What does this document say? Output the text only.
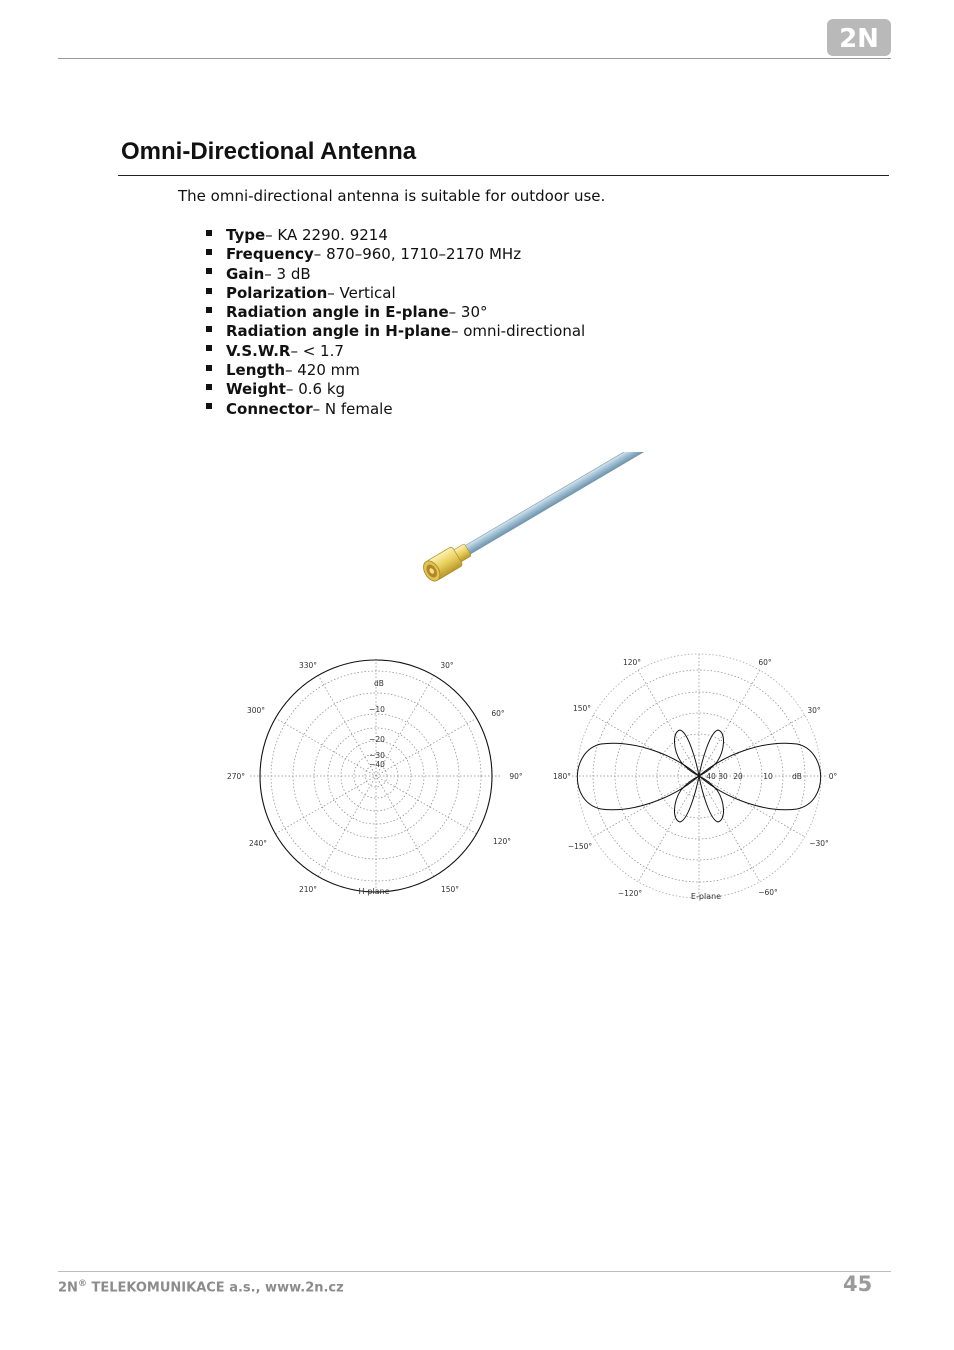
2N
Omni-Directional Antenna

The omni-directional antenna is suitable for outdoor use.

Type – KA 2290. 9214
Frequency – 870–960, 1710–2170 MHz
Gain – 3 dB
Polarization – Vertical
Radiation angle in E-plane – 30°
Radiation angle in H-plane – omni-directional
V.S.W.R – < 1.7
Length – 420 mm
Weight – 0.6 kg
Connector – N female
330°	30°
60°
90°
120°
150°
210°
240°
270°
300°
dB
−10
−20
−30
−40
H-plane
120°	60°
30°
0°
−30°
−60°
−120°
−150°
180°
150°
40 30 20	10	dB
E-plane
2N® TELEKOMUNIKACE a.s., www.2n.cz	45
